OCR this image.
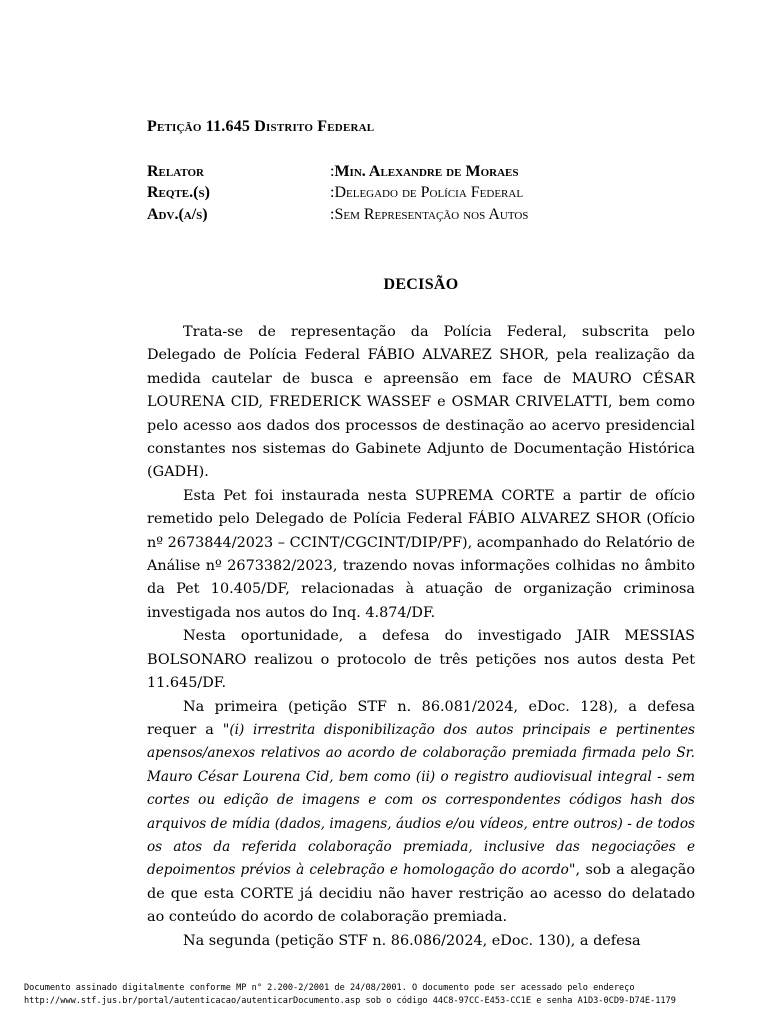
Petição 11.645 Distrito Federal
Relator	: Min. Alexandre de Moraes
Reqte.(s)	: Delegado de Polícia Federal
Adv.(a/s)	: Sem Representação nos Autos
DECISÃO

Trata-se de representação da Polícia Federal, subscrita pelo Delegado de Polícia Federal FÁBIO ALVAREZ SHOR, pela realização da medida cautelar de busca e apreensão em face de MAURO CÉSAR LOURENA CID, FREDERICK WASSEF e OSMAR CRIVELATTI, bem como pelo acesso aos dados dos processos de destinação ao acervo presidencial constantes nos sistemas do Gabinete Adjunto de Documentação Histórica (GADH).

Esta Pet foi instaurada nesta SUPREMA CORTE a partir de ofício remetido pelo Delegado de Polícia Federal FÁBIO ALVAREZ SHOR (Ofício nº 2673844/2023 – CCINT/CGCINT/DIP/PF), acompanhado do Relatório de Análise nº 2673382/2023, trazendo novas informações colhidas no âmbito da Pet 10.405/DF, relacionadas à atuação de organização criminosa investigada nos autos do Inq. 4.874/DF.

Nesta oportunidade, a defesa do investigado JAIR MESSIAS BOLSONARO realizou o protocolo de três petições nos autos desta Pet 11.645/DF.

Na primeira (petição STF n. 86.081/2024, eDoc. 128), a defesa requer a "(i) irrestrita disponibilização dos autos principais e pertinentes apensos/anexos relativos ao acordo de colaboração premiada firmada pelo Sr. Mauro César Lourena Cid, bem como (ii) o registro audiovisual integral - sem cortes ou edição de imagens e com os correspondentes códigos hash dos arquivos de mídia (dados, imagens, áudios e/ou vídeos, entre outros) - de todos os atos da referida colaboração premiada, inclusive das negociações e depoimentos prévios à celebração e homologação do acordo", sob a alegação de que esta CORTE já decidiu não haver restrição ao acesso do delatado ao conteúdo do acordo de colaboração premiada.

Na segunda (petição STF n. 86.086/2024, eDoc. 130), a defesa

Documento assinado digitalmente conforme MP n° 2.200-2/2001 de 24/08/2001. O documento pode ser acessado pelo endereço
http://www.stf.jus.br/portal/autenticacao/autenticarDocumento.asp sob o código 44C8-97CC-E453-CC1E e senha A1D3-0CD9-D74E-1179
